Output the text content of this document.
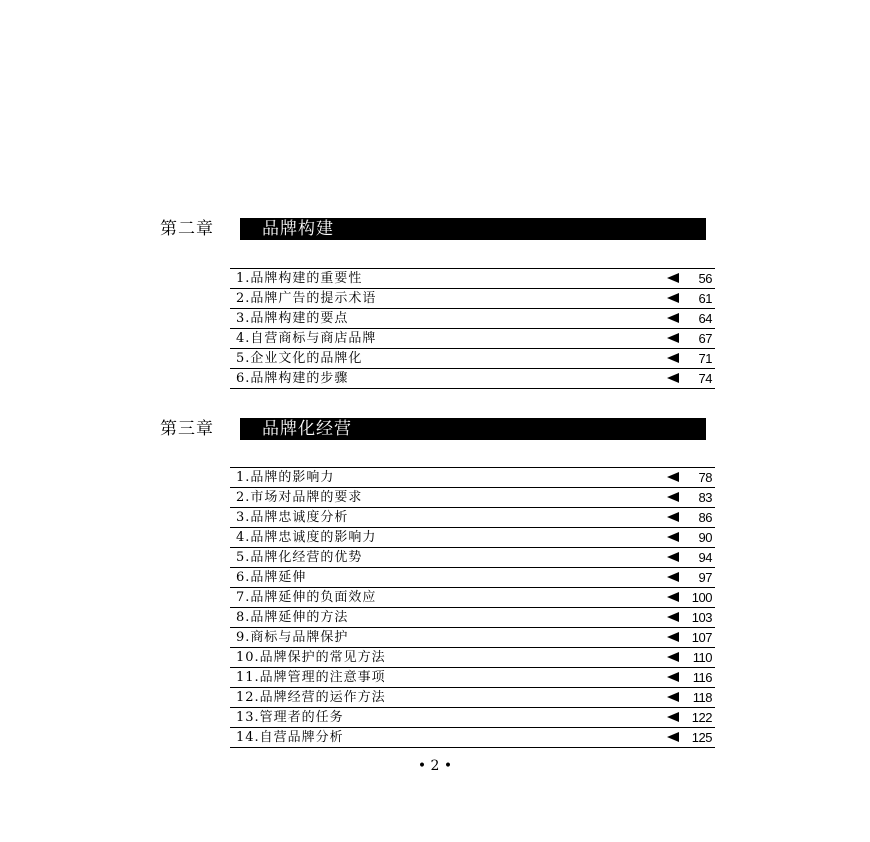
第二章	品牌构建
1.品牌构建的重要性	56
2.品牌广告的提示术语	61
3.品牌构建的要点	64
4.自营商标与商店品牌	67
5.企业文化的品牌化	71
6.品牌构建的步骤	74
第三章	品牌化经营
1.品牌的影响力	78
2.市场对品牌的要求	83
3.品牌忠诚度分析	86
4.品牌忠诚度的影响力	90
5.品牌化经营的优势	94
6.品牌延伸	97
7.品牌延伸的负面效应	100
8.品牌延伸的方法	103
9.商标与品牌保护	107
10.品牌保护的常见方法	110
11.品牌管理的注意事项	116
12.品牌经营的运作方法	118
13.管理者的任务	122
14.自营品牌分析	125
• 2 •
